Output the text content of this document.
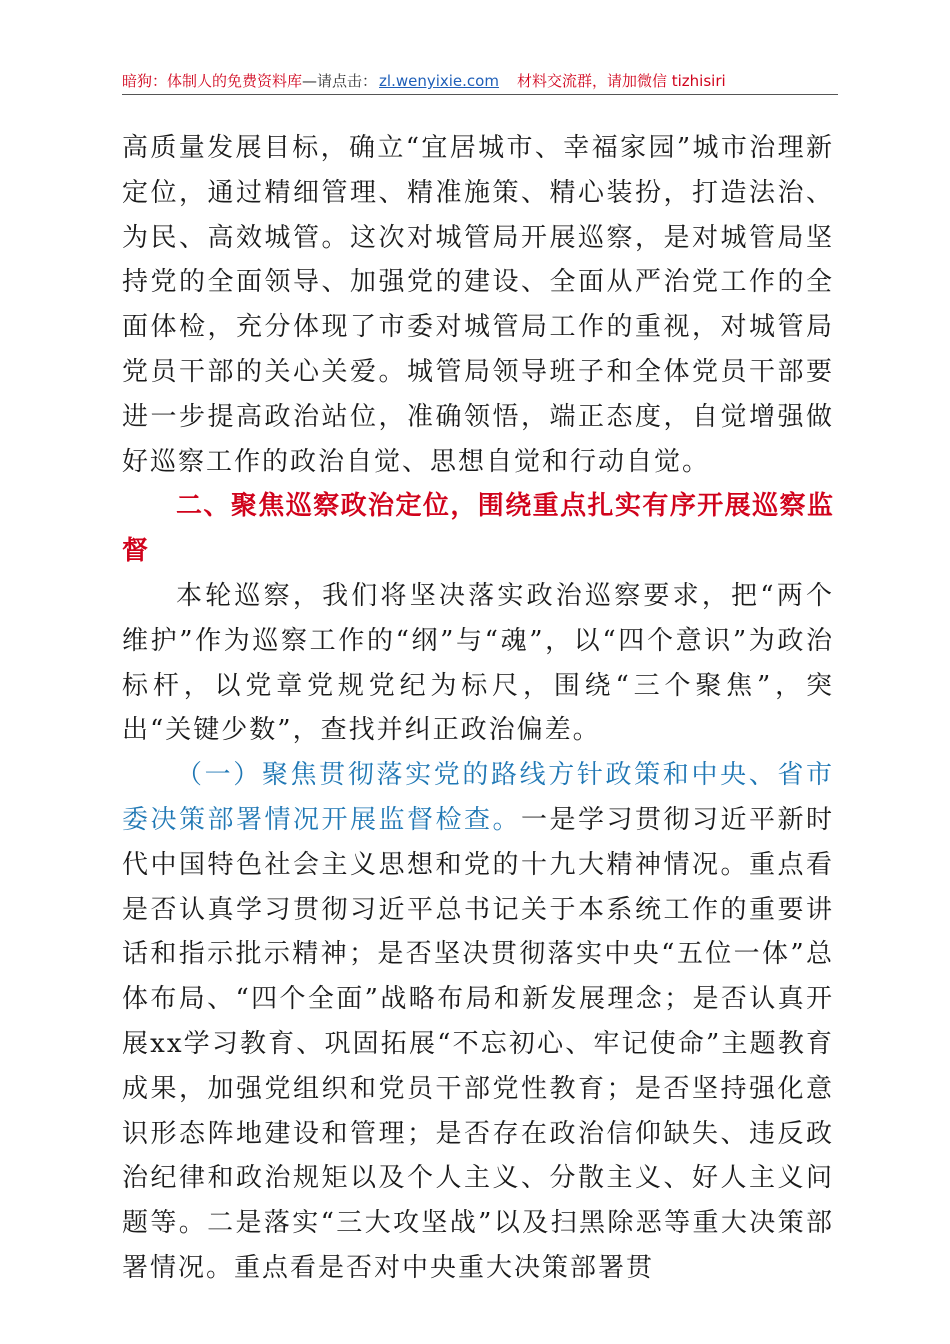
暗狗：体制人的免费资料库—请点击： zl.wenyixie.com 材料交流群，请加微信 tizhisiri

高质量发展目标，确立“宜居城市、幸福家园”城市治理新定位，通过精细管理、精准施策、精心装扮，打造法治、为民、高效城管。这次对城管局开展巡察，是对城管局坚持党的全面领导、加强党的建设、全面从严治党工作的全面体检，充分体现了市委对城管局工作的重视，对城管局党员干部的关心关爱。城管局领导班子和全体党员干部要进一步提高政治站位，准确领悟，端正态度，自觉增强做好巡察工作的政治自觉、思想自觉和行动自觉。

二、聚焦巡察政治定位，围绕重点扎实有序开展巡察监督

本轮巡察，我们将坚决落实政治巡察要求，把“两个维护”作为巡察工作的“纲”与“魂”，以“四个意识”为政治标杆，以党章党规党纪为标尺，围绕“三个聚焦”，突出“关键少数”，查找并纠正政治偏差。

（一）聚焦贯彻落实党的路线方针政策和中央、省市委决策部署情况开展监督检查。一是学习贯彻习近平新时代中国特色社会主义思想和党的十九大精神情况。重点看是否认真学习贯彻习近平总书记关于本系统工作的重要讲话和指示批示精神；是否坚决贯彻落实中央“五位一体”总体布局、“四个全面”战略布局和新发展理念；是否认真开展xx学习教育、巩固拓展“不忘初心、牢记使命”主题教育成果，加强党组织和党员干部党性教育；是否坚持强化意识形态阵地建设和管理；是否存在政治信仰缺失、违反政治纪律和政治规矩以及个人主义、分散主义、好人主义问题等。二是落实“三大攻坚战”以及扫黑除恶等重大决策部署情况。重点看是否对中央重大决策部署贯
